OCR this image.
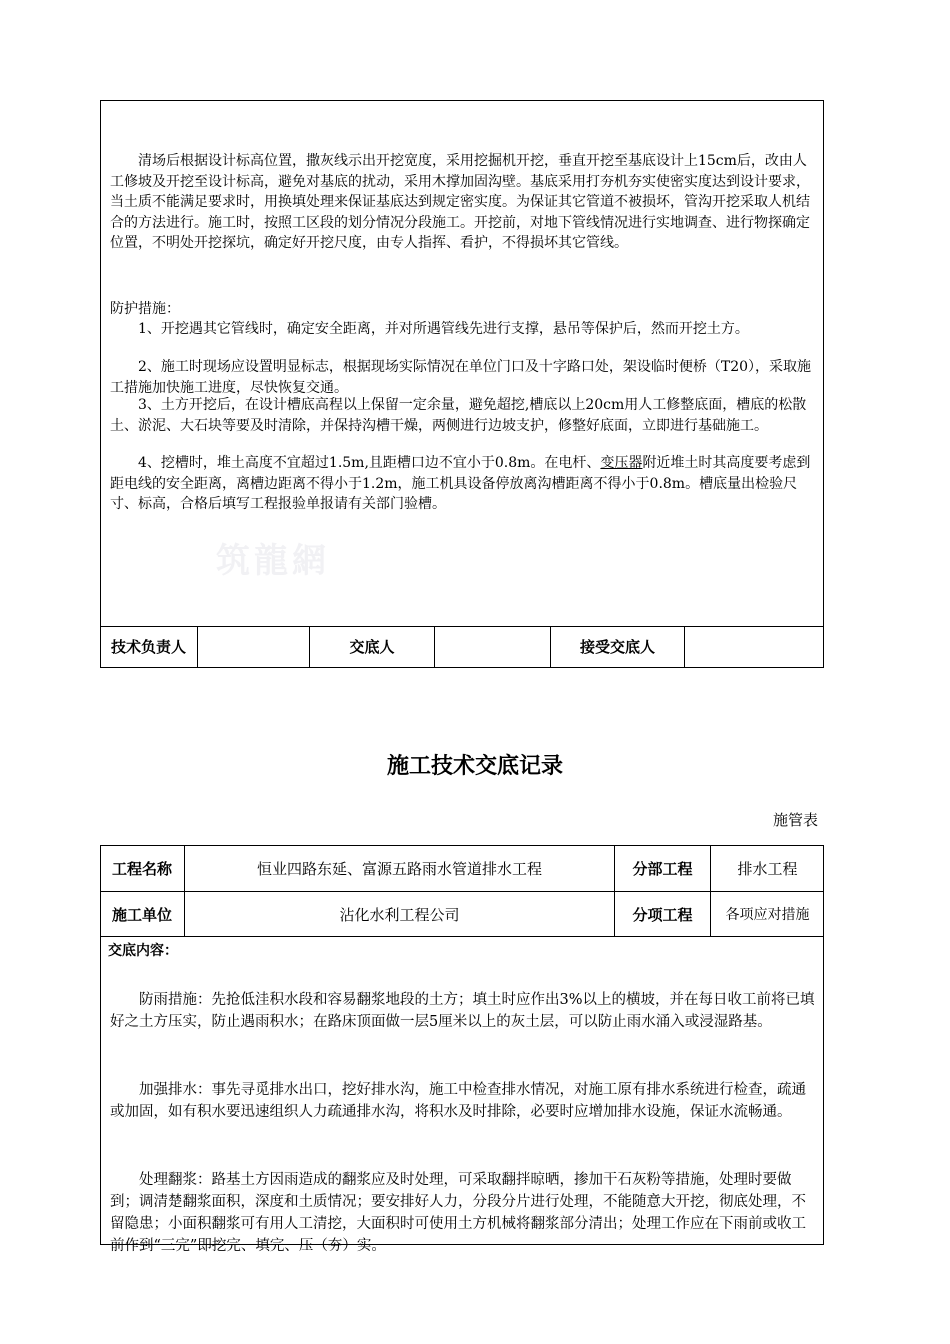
清场后根据设计标高位置，撒灰线示出开挖宽度，采用挖掘机开挖，垂直开挖至基底设计上15cm后，改由人工修坡及开挖至设计标高，避免对基底的扰动，采用木撑加固沟壁。基底采用打夯机夯实使密实度达到设计要求，当土质不能满足要求时，用换填处理来保证基底达到规定密实度。为保证其它管道不被损坏，管沟开挖采取人机结合的方法进行。施工时，按照工区段的划分情况分段施工。开挖前，对地下管线情况进行实地调查、进行物探确定位置，不明处开挖探坑，确定好开挖尺度，由专人指挥、看护，不得损坏其它管线。
防护措施：
1、开挖遇其它管线时，确定安全距离，并对所遇管线先进行支撑，悬吊等保护后，然而开挖土方。
2、施工时现场应设置明显标志，根据现场实际情况在单位门口及十字路口处，架设临时便桥（T20），采取施工措施加快施工进度，尽快恢复交通。
3、土方开挖后，在设计槽底高程以上保留一定余量，避免超挖,槽底以上20cm用人工修整底面，槽底的松散土、淤泥、大石块等要及时清除，并保持沟槽干燥，两侧进行边坡支护，修整好底面，立即进行基础施工。
4、挖槽时，堆土高度不宜超过1.5m,且距槽口边不宜小于0.8m。在电杆、变压器附近堆土时其高度要考虑到距电线的安全距离，离槽边距离不得小于1.2m，施工机具设备停放离沟槽距离不得小于0.8m。槽底量出检验尺寸、标高，合格后填写工程报验单报请有关部门验槽。
筑龍網
技术负责人	交底人	接受交底人
施工技术交底记录
施管表
工程名称	恒业四路东延、富源五路雨水管道排水工程	分部工程	排水工程
施工单位	沾化水利工程公司	分项工程	各项应对措施
交底内容：
防雨措施：先抢低洼积水段和容易翻浆地段的土方；填土时应作出3%以上的横坡，并在每日收工前将已填好之土方压实，防止遇雨积水；在路床顶面做一层5厘米以上的灰土层，可以防止雨水涌入或浸湿路基。
加强排水：事先寻觅排水出口，挖好排水沟，施工中检查排水情况，对施工原有排水系统进行检查，疏通或加固，如有积水要迅速组织人力疏通排水沟，将积水及时排除，必要时应增加排水设施，保证水流畅通。
处理翻浆：路基土方因雨造成的翻浆应及时处理，可采取翻拌晾晒，掺加干石灰粉等措施，处理时要做到；调清楚翻浆面积，深度和土质情况；要安排好人力，分段分片进行处理，不能随意大开挖，彻底处理，不留隐患；小面积翻浆可有用人工清挖，大面积时可使用土方机械将翻浆部分清出；处理工作应在下雨前或收工前作到“三完”即挖完、填完、压（夯）实。
